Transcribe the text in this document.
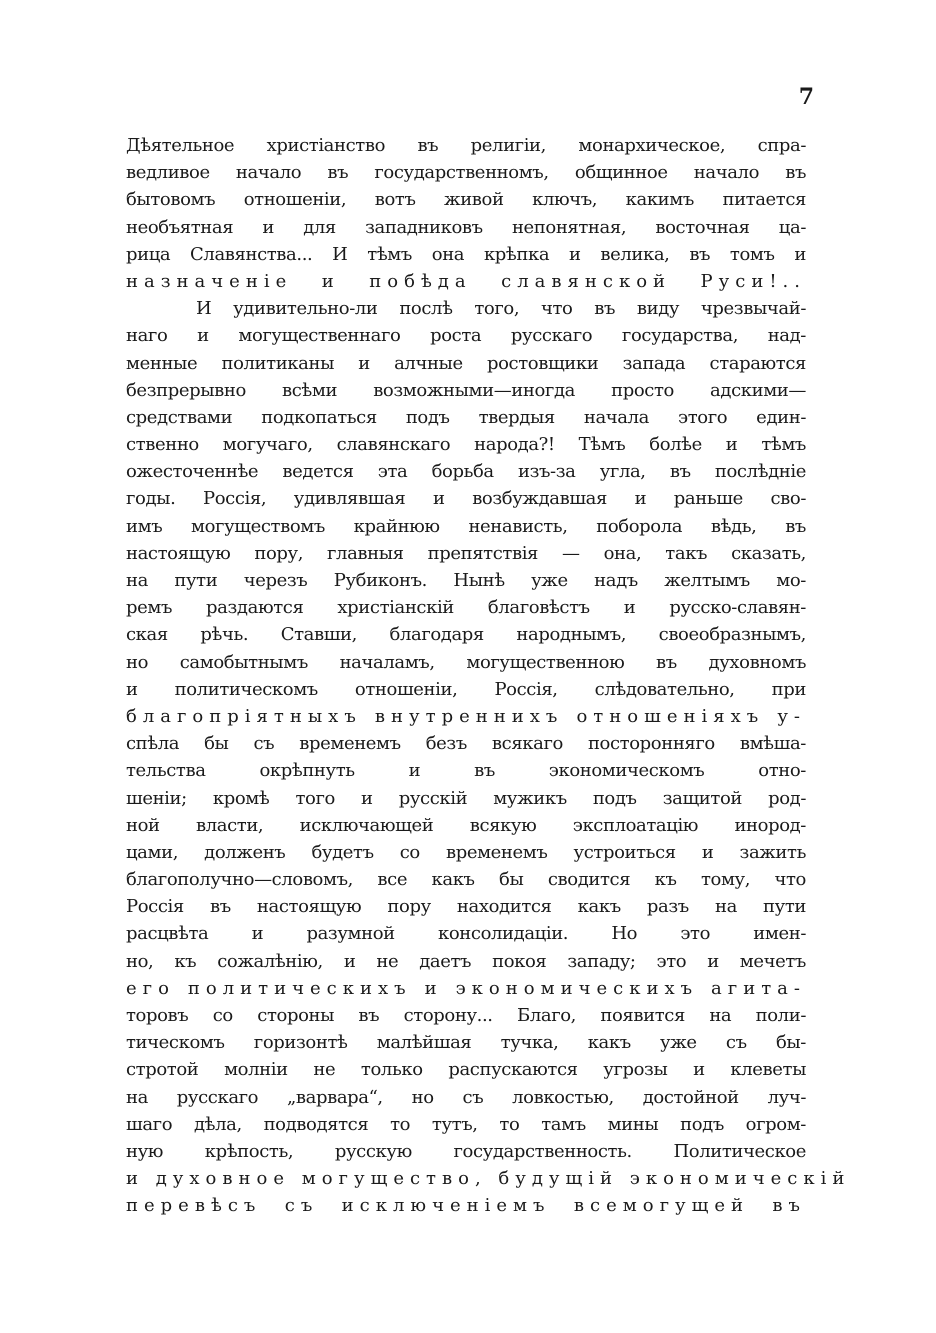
7
Дѣятельное христіанство въ религіи, монархическое, спра-
ведливое начало въ государственномъ, общинное начало въ
бытовомъ отношеніи, вотъ живой ключъ, какимъ питается
необъятная и для западниковъ непонятная, восточная ца-
рица Славянства... И тѣмъ она крѣпка и велика, въ томъ и
назначеніе и побѣда славянской Руси!..
И удивительно-ли послѣ того, что въ виду чрезвычай-
наго и могущественнаго роста русскаго государства, над-
менные политиканы и алчные ростовщики запада стараются
безпрерывно всѣми возможными—иногда просто адскими—
средствами подкопаться подъ твердыя начала этого един-
ственно могучаго, славянскаго народа?! Тѣмъ болѣе и тѣмъ
ожесточеннѣе ведется эта борьба изъ-за угла, въ послѣдніе
годы. Россія, удивлявшая и возбуждавшая и раньше сво-
имъ могуществомъ крайнюю ненависть, поборола вѣдь, въ
настоящую пору, главныя препятствія — она, такъ сказать,
на пути черезъ Рубиконъ. Нынѣ уже надъ желтымъ мо-
ремъ раздаются христіанскій благовѣстъ и русско-славян-
ская рѣчь. Ставши, благодаря народнымъ, своеобразнымъ,
но самобытнымъ началамъ, могущественною въ духовномъ
и политическомъ отношеніи, Россія, слѣдовательно, при
благопріятныхъ внутреннихъ отношеніяхъ у-
спѣла бы съ временемъ безъ всякаго посторонняго вмѣша-
тельства окрѣпнуть и въ экономическомъ отно-
шеніи; кромѣ того и русскій мужикъ подъ защитой род-
ной власти, исключающей всякую эксплоатацію инород-
цами, долженъ будетъ со временемъ устроиться и зажить
благополучно—словомъ, все какъ бы сводится къ тому, что
Россія въ настоящую пору находится какъ разъ на пути
расцвѣта и разумной консолидаціи. Но это имен-
но, къ сожалѣнію, и не даетъ покоя западу; это и мечетъ
его политическихъ и экономическихъ агита-
торовъ со стороны въ сторону... Благо, появится на поли-
тическомъ горизонтѣ малѣйшая тучка, какъ уже съ бы-
стротой молніи не только распускаются угрозы и клеветы
на русскаго „варвара“, но съ ловкостью, достойной луч-
шаго дѣла, подводятся то тутъ, то тамъ мины подъ огром-
ную крѣпость, русскую государственность. Политическое
и духовное могущество, будущій экономическій
перевѣсъ съ исключеніемъ всемогущей въ
